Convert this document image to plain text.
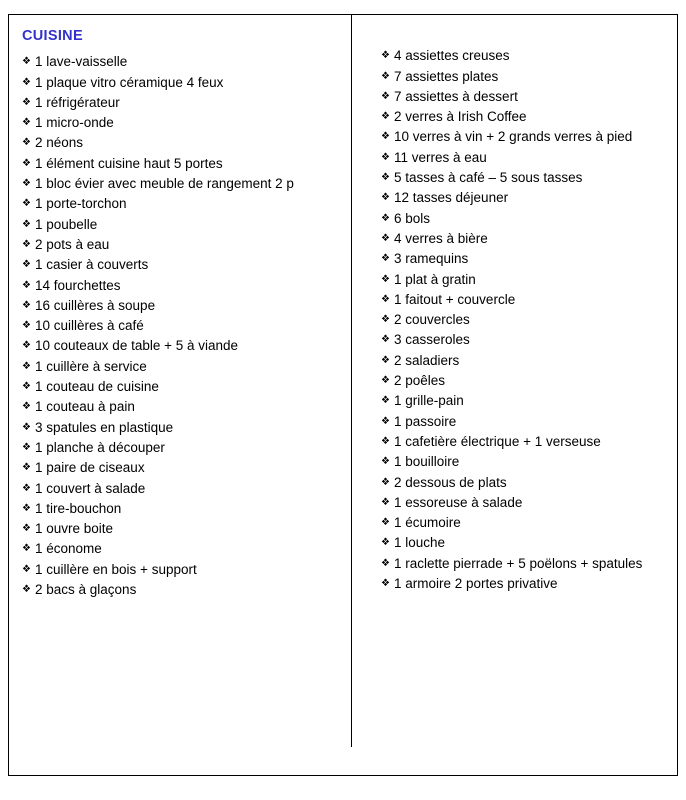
CUISINE
❖ 1 lave-vaisselle
❖ 1 plaque vitro céramique 4 feux
❖ 1 réfrigérateur
❖ 1 micro-onde
❖ 2 néons
❖ 1 élément cuisine haut 5 portes
❖ 1 bloc évier avec meuble de rangement 2 p
❖ 1 porte-torchon
❖ 1 poubelle
❖ 2 pots à eau
❖ 1 casier à couverts
❖ 14 fourchettes
❖ 16 cuillères à soupe
❖ 10 cuillères à café
❖ 10 couteaux de table + 5 à viande
❖ 1 cuillère à service
❖ 1 couteau de cuisine
❖ 1 couteau à pain
❖ 3 spatules en plastique
❖ 1 planche à découper
❖ 1 paire de ciseaux
❖ 1 couvert à salade
❖ 1 tire-bouchon
❖ 1 ouvre boite
❖ 1 économe
❖ 1 cuillère en bois + support
❖ 2 bacs à glaçons
❖ 4 assiettes creuses
❖ 7 assiettes plates
❖ 7 assiettes à dessert
❖ 2 verres à Irish Coffee
❖ 10 verres à vin + 2 grands verres à pied
❖ 11 verres à eau
❖ 5 tasses à café – 5 sous tasses
❖ 12 tasses déjeuner
❖ 6 bols
❖ 4 verres à bière
❖ 3 ramequins
❖ 1 plat à gratin
❖ 1 faitout + couvercle
❖ 2 couvercles
❖ 3 casseroles
❖ 2 saladiers
❖ 2 poêles
❖ 1 grille-pain
❖ 1 passoire
❖ 1 cafetière électrique + 1 verseuse
❖ 1 bouilloire
❖ 2 dessous de plats
❖ 1 essoreuse à salade
❖ 1 écumoire
❖ 1 louche
❖ 1 raclette pierrade + 5 poëlons + spatules
❖ 1 armoire 2 portes privative
